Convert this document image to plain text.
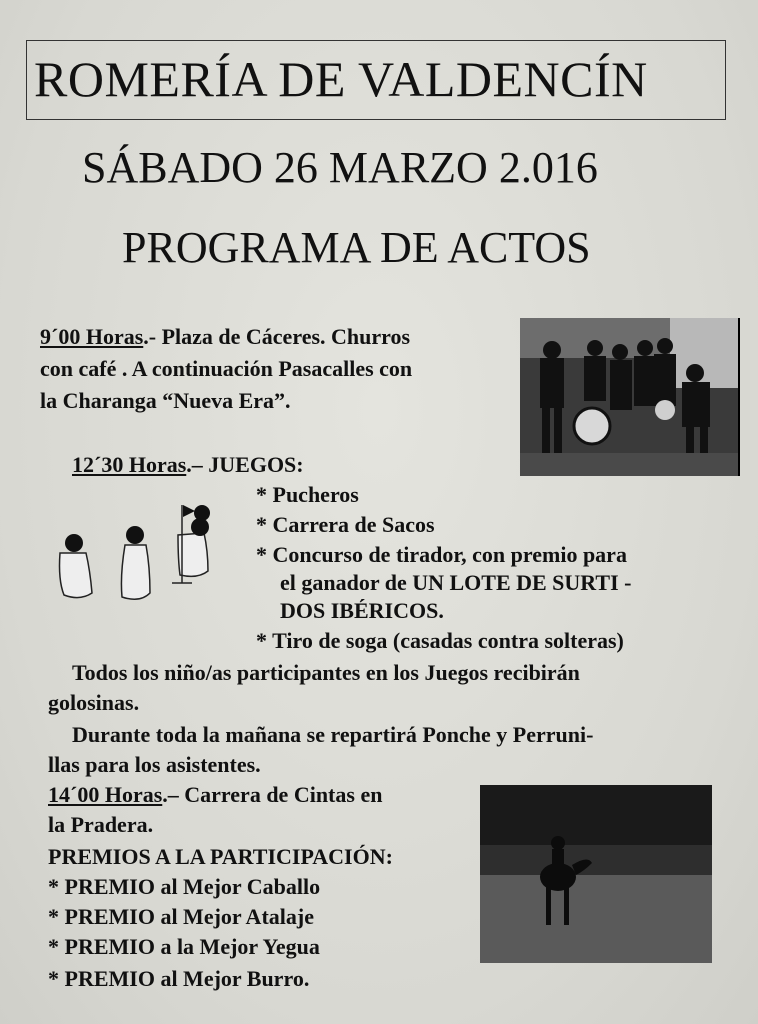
ROMERÍA DE VALDENCÍN
SÁBADO 26 MARZO 2.016
PROGRAMA DE ACTOS
9´00 Horas.- Plaza de Cáceres. Churros
con café . A continuación Pasacalles con
la Charanga “Nueva Era”.
12´30 Horas.– JUEGOS:
* Pucheros
* Carrera de Sacos
* Concurso de tirador, con premio para
el ganador de UN LOTE DE SURTI -
DOS IBÉRICOS.
* Tiro de soga (casadas contra solteras)
Todos los niño/as participantes en los Juegos recibirán
golosinas.
Durante toda la mañana se repartirá Ponche y Perruni-
llas para los asistentes.
14´00 Horas.– Carrera de Cintas en
la Pradera.
PREMIOS A LA PARTICIPACIÓN:
* PREMIO al Mejor Caballo
* PREMIO al Mejor Atalaje
* PREMIO a la Mejor Yegua
* PREMIO al Mejor Burro.
